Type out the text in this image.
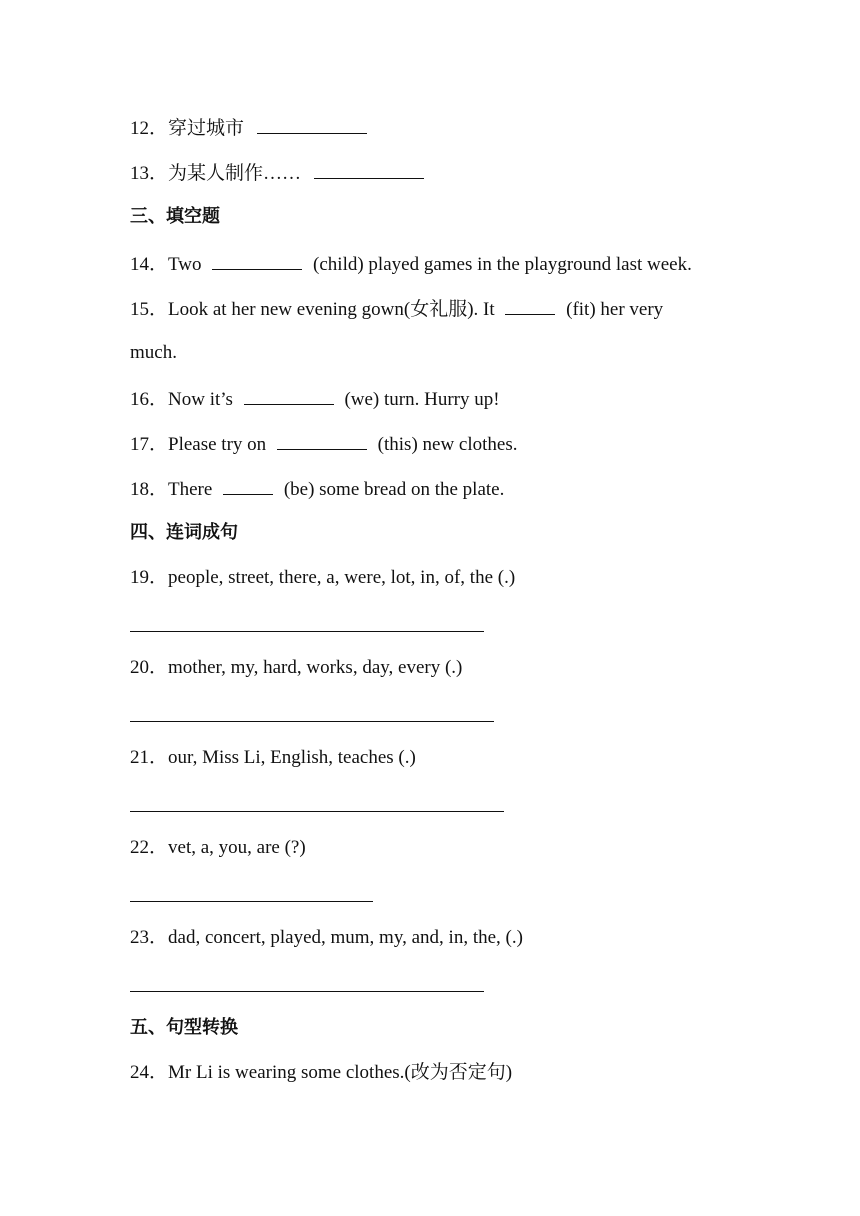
12．穿过城市
13．为某人制作……
三、填空题
14．Two	(child) played games in the playground last week.
15．Look at her new evening gown(女礼服). It	(fit) her very
much.
16．Now it’s	(we) turn. Hurry up!
17．Please try on	(this) new clothes.
18．There	(be) some bread on the plate.
四、连词成句
19．people, street, there, a, were, lot, in, of, the (.)
20．mother, my, hard, works, day, every (.)
21．our, Miss Li, English, teaches (.)
22．vet, a, you, are (?)
23．dad, concert, played, mum, my, and, in, the, (.)
五、句型转换
24．Mr Li is wearing some clothes.(改为否定句)
